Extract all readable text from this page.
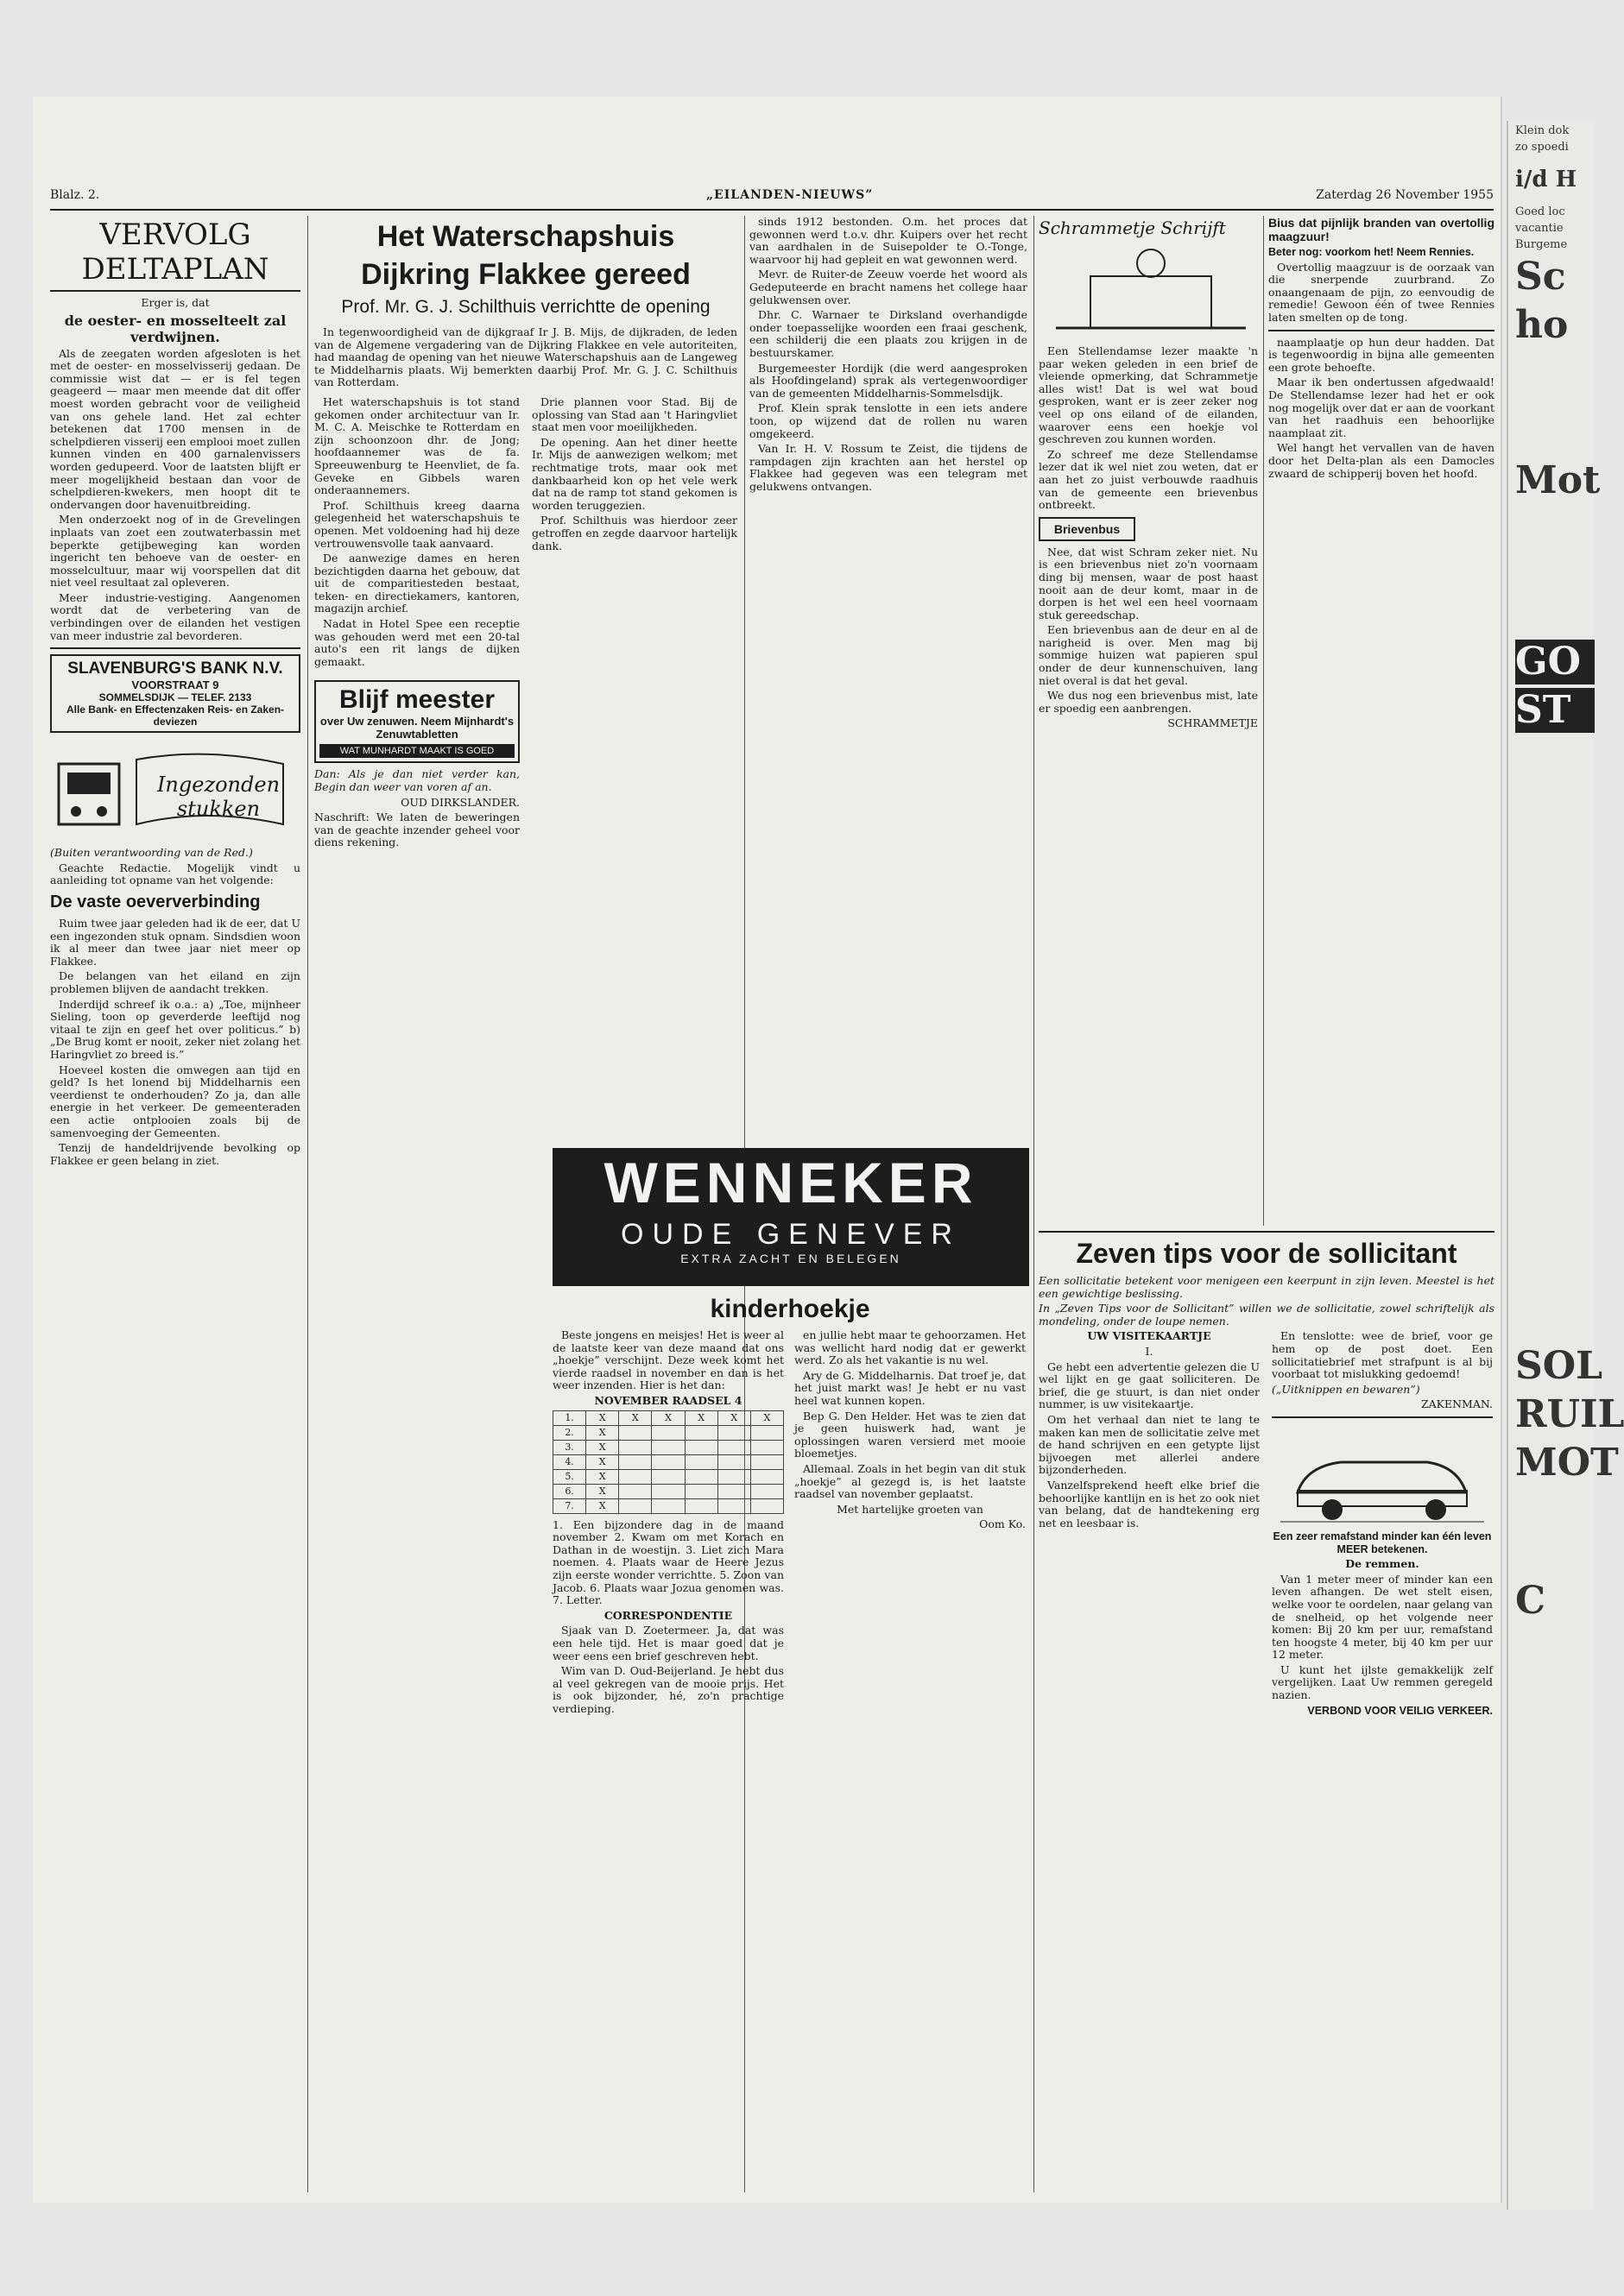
Klein dok

zo spoedi

i/d H

Goed loc

vacantie

Burgeme

Sc

ho

Mot

GO

ST

SOL

RUIL

MOT

C

Blalz. 2.	„EILANDEN-NIEUWS”	Zaterdag 26 November 1955
VERVOLG
DELTAPLAN

Erger is, dat

de oester- en mosselteelt zal verdwijnen.

Als de zeegaten worden afgesloten is het met de oester- en mosselvisserij gedaan. De commissie wist dat — er is fel tegen geageerd — maar men meende dat dit offer moest worden gebracht voor de veiligheid van ons gehele land. Het zal echter betekenen dat 1700 mensen in de schelpdieren visserij een emplooi moet zullen kunnen vinden en 400 garnalenvissers worden gedupeerd. Voor de laatsten blijft er meer mogelijkheid bestaan dan voor de schelpdieren-kwekers, men hoopt dit te ondervangen door havenuitbreiding.

Men onderzoekt nog of in de Grevelingen inplaats van zoet een zoutwaterbassin met beperkte getijbeweging kan worden ingericht ten behoeve van de oester- en mosselcultuur, maar wij voorspellen dat dit niet veel resultaat zal opleveren.

Meer industrie-vestiging. Aangenomen wordt dat de verbetering van de verbindingen over de eilanden het vestigen van meer industrie zal bevorderen.

SLAVENBURG'S BANK N.V.
VOORSTRAAT 9
SOMMELSDIJK — TELEF. 2133
Alle Bank- en Effectenzaken Reis- en Zaken-deviezen
Ingezonden stukken

(Buiten verantwoording van de Red.)

Geachte Redactie. Mogelijk vindt u aanleiding tot opname van het volgende:

De vaste oeververbinding

Ruim twee jaar geleden had ik de eer, dat U een ingezonden stuk opnam. Sindsdien woon ik al meer dan twee jaar niet meer op Flakkee.

De belangen van het eiland en zijn problemen blijven de aandacht trekken.

Inderdijd schreef ik o.a.: a) „Toe, mijnheer Sieling, toon op geverderde leeftijd nog vitaal te zijn en geef het over politicus.” b) „De Brug komt er nooit, zeker niet zolang het Haringvliet zo breed is.”

Hoeveel kosten die omwegen aan tijd en geld? Is het lonend bij Middelharnis een veerdienst te onderhouden? Zo ja, dan alle energie in het verkeer. De gemeenteraden een actie ontplooien zoals bij de samenvoeging der Gemeenten.

Tenzij de handeldrijvende bevolking op Flakkee er geen belang in ziet.

Het Waterschapshuis
Dijkring Flakkee gereed
Prof. Mr. G. J. Schilthuis verrichtte de opening

In tegenwoordigheid van de dijkgraaf Ir J. B. Mijs, de dijkraden, de leden van de Algemene vergadering van de Dijkring Flakkee en vele autoriteiten, had maandag de opening van het nieuwe Waterschapshuis aan de Langeweg te Middelharnis plaats. Wij bemerkten daarbij Prof. Mr. G. J. C. Schilthuis van Rotterdam.

Het waterschapshuis is tot stand gekomen onder architectuur van Ir. M. C. A. Meischke te Rotterdam en zijn schoonzoon dhr. de Jong; hoofdaannemer was de fa. Spreeuwenburg te Heenvliet, de fa. Geveke en Gibbels waren onderaannemers.

Prof. Schilthuis kreeg daarna gelegenheid het waterschapshuis te openen. Met voldoening had hij deze vertrouwensvolle taak aanvaard.

De aanwezige dames en heren bezichtigden daarna het gebouw, dat uit de comparitiesteden bestaat, teken- en directiekamers, kantoren, magazijn archief.

Nadat in Hotel Spee een receptie was gehouden werd met een 20-tal auto's een rit langs de dijken gemaakt.

Blijf meester
over Uw zenuwen. Neem Mijnhardt's Zenuwtabletten
WAT MUNHARDT MAAKT IS GOED

Dan: Als je dan niet verder kan, Begin dan weer van voren af an.

OUD DIRKSLANDER.

Naschrift: We laten de beweringen van de geachte inzender geheel voor diens rekening.

Drie plannen voor Stad. Bij de oplossing van Stad aan 't Haringvliet staat men voor moeilijkheden.

De opening. Aan het diner heette Ir. Mijs de aanwezigen welkom; met rechtmatige trots, maar ook met dankbaarheid kon op het vele werk dat na de ramp tot stand gekomen is worden teruggezien.

Prof. Schilthuis was hierdoor zeer getroffen en zegde daarvoor hartelijk dank.

sinds 1912 bestonden. O.m. het proces dat gewonnen werd t.o.v. dhr. Kuipers over het recht van aardhalen in de Suisepolder te O.-Tonge, waarvoor hij had gepleit en wat gewonnen werd.

Mevr. de Ruiter-de Zeeuw voerde het woord als Gedeputeerde en bracht namens het college haar gelukwensen over.

Dhr. C. Warnaer te Dirksland overhandigde onder toepasselijke woorden een fraai geschenk, een schilderij die een plaats zou krijgen in de bestuurskamer.

Burgemeester Hordijk (die werd aangesproken als Hoofdingeland) sprak als vertegenwoordiger van de gemeenten Middelharnis-Sommelsdijk.

Prof. Klein sprak tenslotte in een iets andere toon, op wijzend dat de rollen nu waren omgekeerd.

Van Ir. H. V. Rossum te Zeist, die tijdens de rampdagen zijn krachten aan het herstel op Flakkee had gegeven was een telegram met gelukwens ontvangen.

WENNEKER
OUDE GENEVER
EXTRA ZACHT EN BELEGEN
kinderhoekje

Beste jongens en meisjes! Het is weer al de laatste keer van deze maand dat ons „hoekje” verschijnt. Deze week komt het vierde raadsel in november en dan is het weer inzenden. Hier is het dan:

NOVEMBER RAADSEL 4

1.	X	X	X	X	X	X
2.	X					
3.	X					
4.	X					
5.	X					
6.	X					
7.	X					

1. Een bijzondere dag in de maand november 2. Kwam om met Korach en Dathan in de woestijn. 3. Liet zich Mara noemen. 4. Plaats waar de Heere Jezus zijn eerste wonder verrichtte. 5. Zoon van Jacob. 6. Plaats waar Jozua genomen was. 7. Letter.

CORRESPONDENTIE

Sjaak van D. Zoetermeer. Ja, dat was een hele tijd. Het is maar goed dat je weer eens een brief geschreven hebt.

Wim van D. Oud-Beijerland. Je hebt dus al veel gekregen van de mooie prijs. Het is ook bijzonder, hé, zo'n prachtige verdieping.

en jullie hebt maar te gehoorzamen. Het was wellicht hard nodig dat er gewerkt werd. Zo als het vakantie is nu wel.

Ary de G. Middelharnis. Dat troef je, dat het juist markt was! Je hebt er nu vast heel wat kunnen kopen.

Bep G. Den Helder. Het was te zien dat je geen huiswerk had, want je oplossingen waren versierd met mooie bloemetjes.

Allemaal. Zoals in het begin van dit stuk „hoekje” al gezegd is, is het laatste raadsel van november geplaatst.

Met hartelijke groeten van

Oom Ko.

Schrammetje Schrijft

Een Stellendamse lezer maakte 'n paar weken geleden in een brief de vleiende opmerking, dat Schrammetje alles wist! Dat is wel wat boud gesproken, want er is zeer zeker nog veel op ons eiland of de eilanden, waarover eens een hoekje vol geschreven zou kunnen worden.

Zo schreef me deze Stellendamse lezer dat ik wel niet zou weten, dat er aan het zo juist verbouwde raadhuis van de gemeente een brievenbus ontbreekt.

Brievenbus

Nee, dat wist Schram zeker niet. Nu is een brievenbus niet zo'n voornaam ding bij mensen, waar de post haast nooit aan de deur komt, maar in de dorpen is het wel een heel voornaam stuk gereedschap.

Een brievenbus aan de deur en al de narigheid is over. Men mag bij sommige huizen wat papieren spul onder de deur kunnenschuiven, lang niet overal is dat het geval.

We dus nog een brievenbus mist, late er spoedig een aanbrengen.

SCHRAMMETJE

Bius dat pijnlijk branden van overtollig maagzuur!

Beter nog: voorkom het! Neem Rennies.

Overtollig maagzuur is de oorzaak van die snerpende zuurbrand. Zo onaangenaam de pijn, zo eenvoudig de remedie! Gewoon één of twee Rennies laten smelten op de tong.

naamplaatje op hun deur hadden. Dat is tegenwoordig in bijna alle gemeenten een grote behoefte.

Maar ik ben ondertussen afgedwaald! De Stellendamse lezer had het er ook nog mogelijk over dat er aan de voorkant van het raadhuis een behoorlijke naamplaat zit.

Wel hangt het vervallen van de haven door het Delta-plan als een Damocles zwaard de schipperij boven het hoofd.

Zeven tips voor de sollicitant

Een sollicitatie betekent voor menigeen een keerpunt in zijn leven. Meestel is het een gewichtige beslissing.

In „Zeven Tips voor de Sollicitant” willen we de sollicitatie, zowel schriftelijk als mondeling, onder de loupe nemen.

UW VISITEKAARTJE

I.

Ge hebt een advertentie gelezen die U wel lijkt en ge gaat solliciteren. De brief, die ge stuurt, is dan niet onder nummer, is uw visitekaartje.

Om het verhaal dan niet te lang te maken kan men de sollicitatie zelve met de hand schrijven en een getypte lijst bijvoegen met allerlei andere bijzonderheden.

Vanzelfsprekend heeft elke brief die behoorlijke kantlijn en is het zo ook niet van belang, dat de handtekening erg net en leesbaar is.

En tenslotte: wee de brief, voor ge hem op de post doet. Een sollicitatiebrief met strafpunt is al bij voorbaat tot mislukking gedoemd!

(„Uitknippen en bewaren”)

ZAKENMAN.

Een zeer remafstand minder kan één leven MEER betekenen.

De remmen.

Van 1 meter meer of minder kan een leven afhangen. De wet stelt eisen, welke voor te oordelen, naar gelang van de snelheid, op het volgende neer komen: Bij 20 km per uur, remafstand ten hoogste 4 meter, bij 40 km per uur 12 meter.

U kunt het ijlste gemakkelijk zelf vergelijken. Laat Uw remmen geregeld nazien.

VERBOND VOOR VEILIG VERKEER.
